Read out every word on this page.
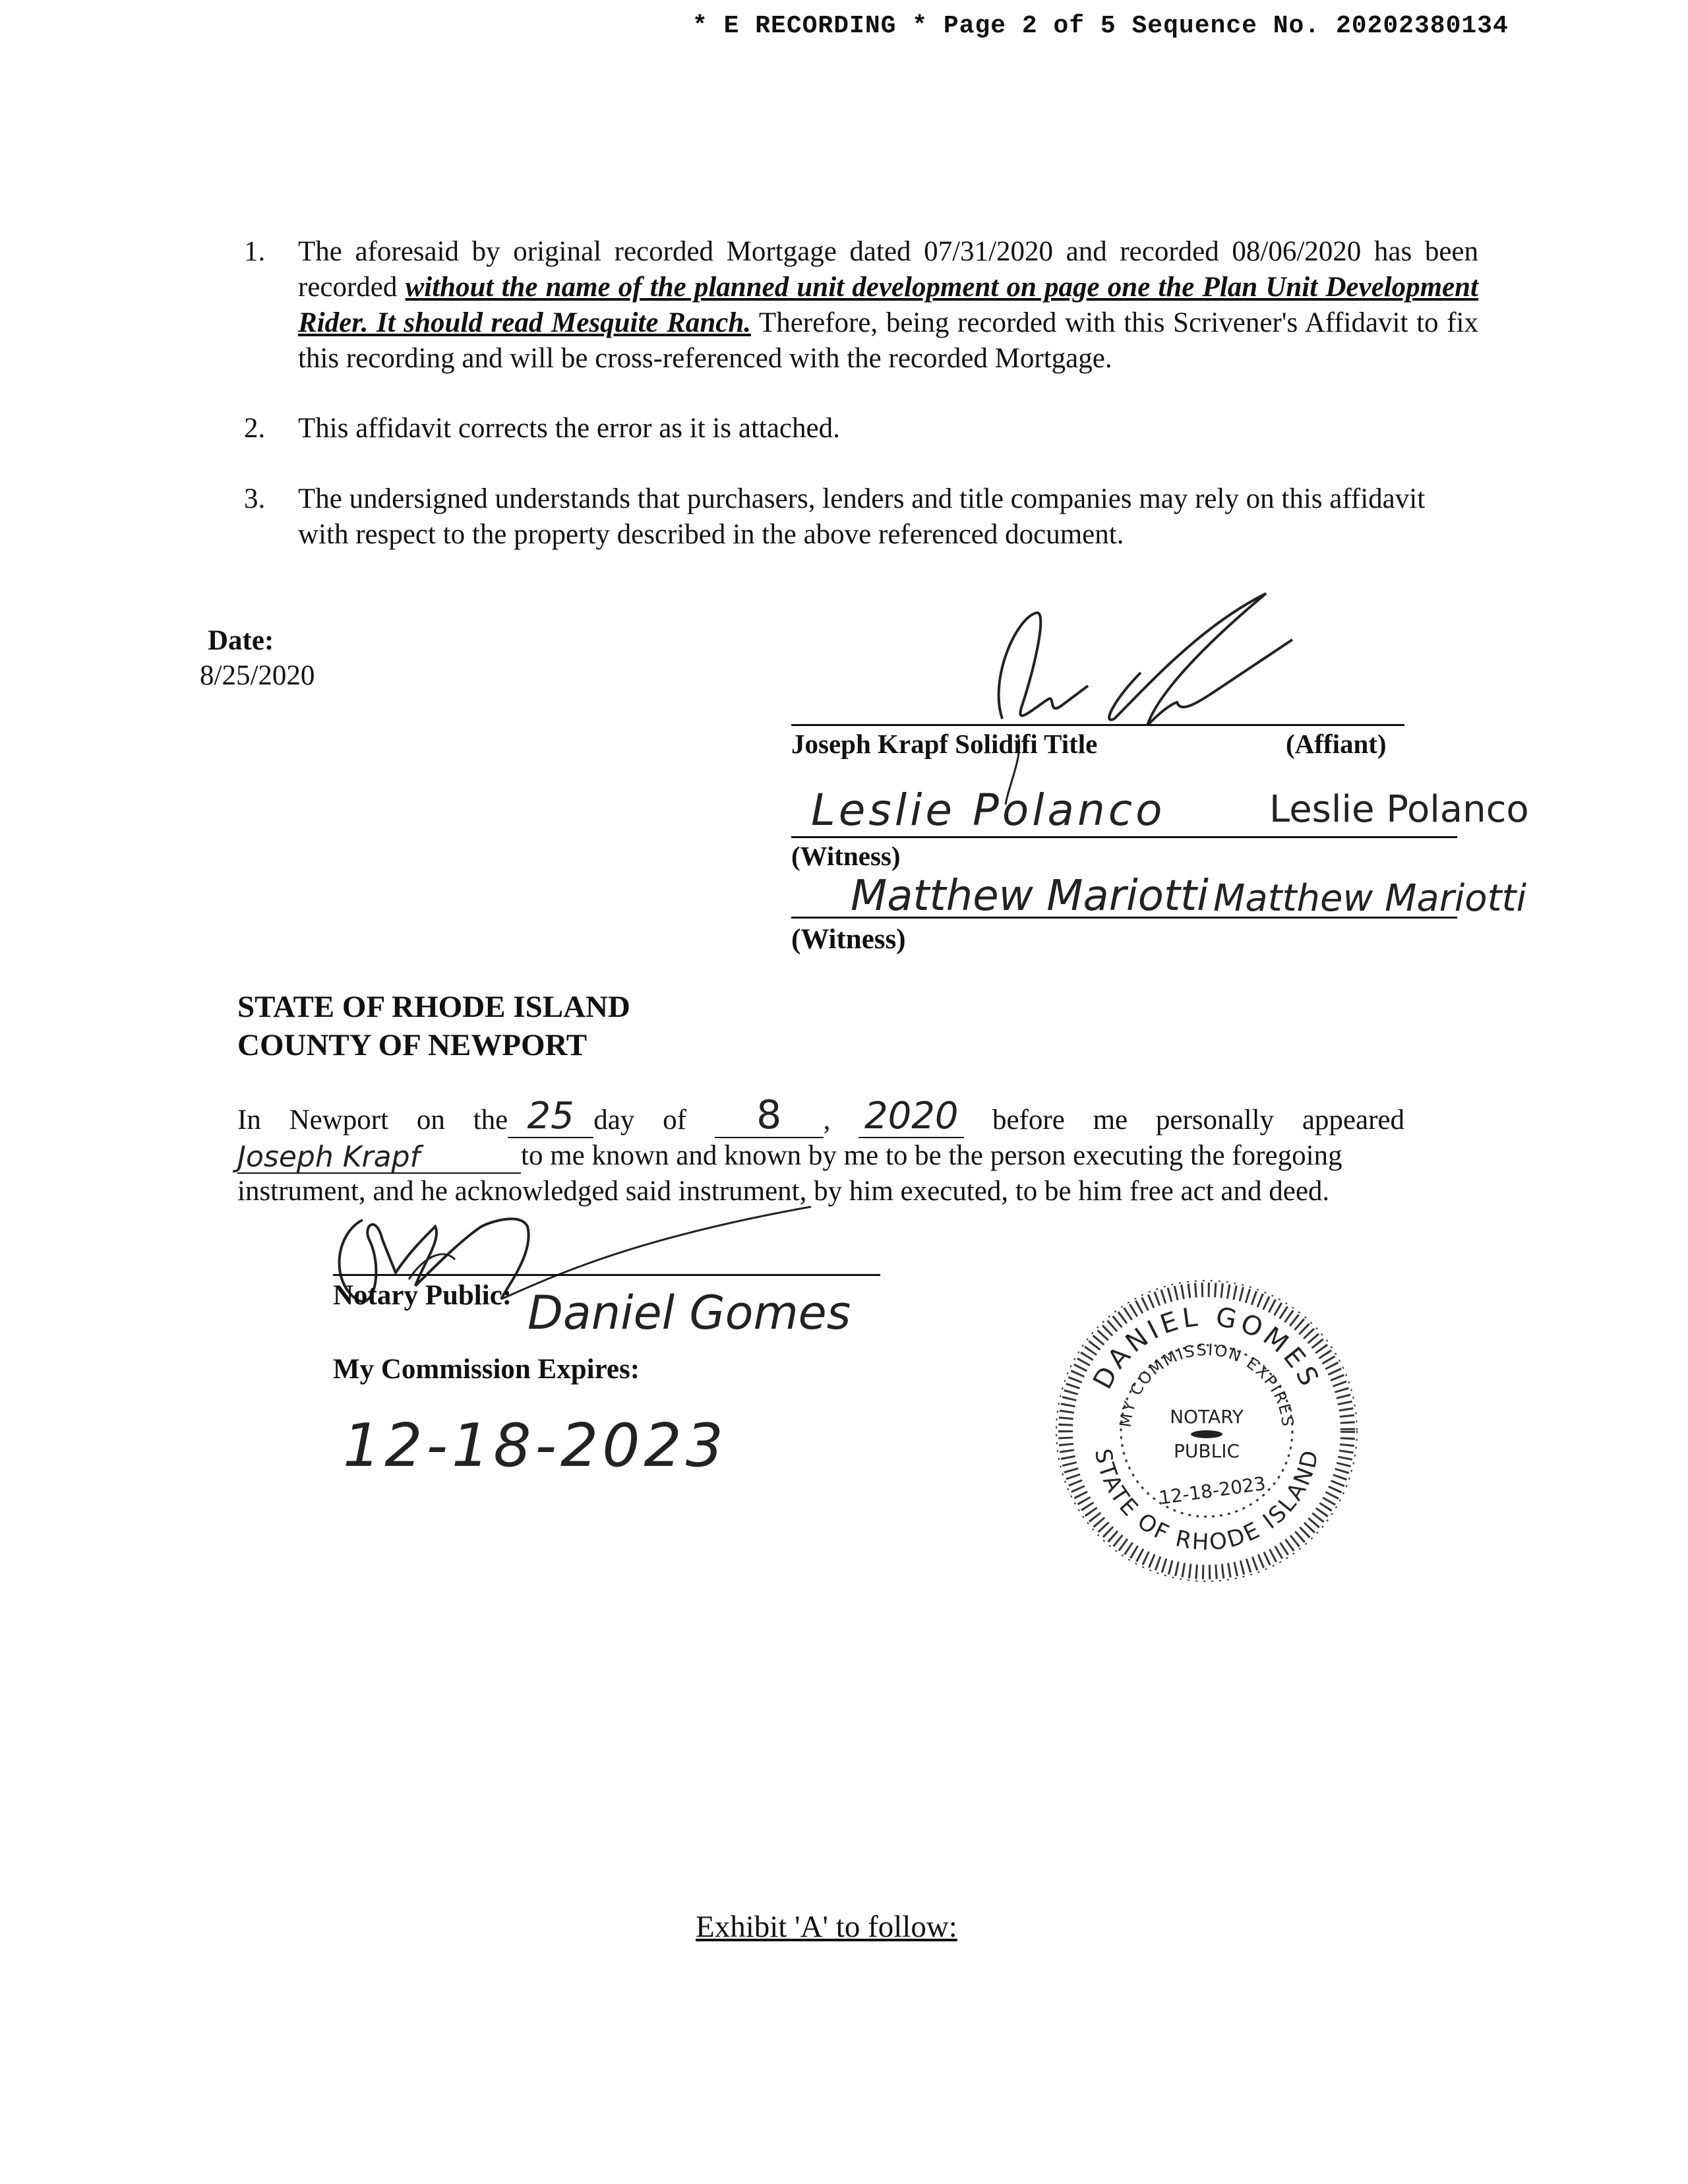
* E RECORDING * Page 2 of 5 Sequence No. 20202380134
1.	The aforesaid by original recorded Mortgage dated 07/31/2020 and recorded 08/06/2020 has been recorded without the name of the planned unit development on page one the Plan Unit Development Rider. It should read Mesquite Ranch. Therefore, being recorded with this Scrivener's Affidavit to fix this recording and will be cross-referenced with the recorded Mortgage.
2.	This affidavit corrects the error as it is attached.
3.	The undersigned understands that purchasers, lenders and title companies may rely on this affidavit with respect to the property described in the above referenced document.
Date:
8/25/2020
Joseph Krapf Solidifi Title	(Affiant)
Leslie Polanco	Leslie Polanco
(Witness)
Matthew Mariotti Matthew Mariotti
(Witness)
STATE OF RHODE ISLAND
COUNTY OF NEWPORT
In Newport on the 25 day of	8 , 2020 before me personally appeared
Joseph Krapf	to me known and known by me to be the person executing the foregoing
instrument, and he acknowledged said instrument, by him executed, to be him free act and deed.
Notary Public: Daniel Gomes
My Commission Expires:
12-18-2023
DANIEL GOMES
MY COMMISSION EXPIRES
STATE OF RHODE ISLAND
NOTARY
PUBLIC
12-18-2023
Exhibit 'A' to follow:
